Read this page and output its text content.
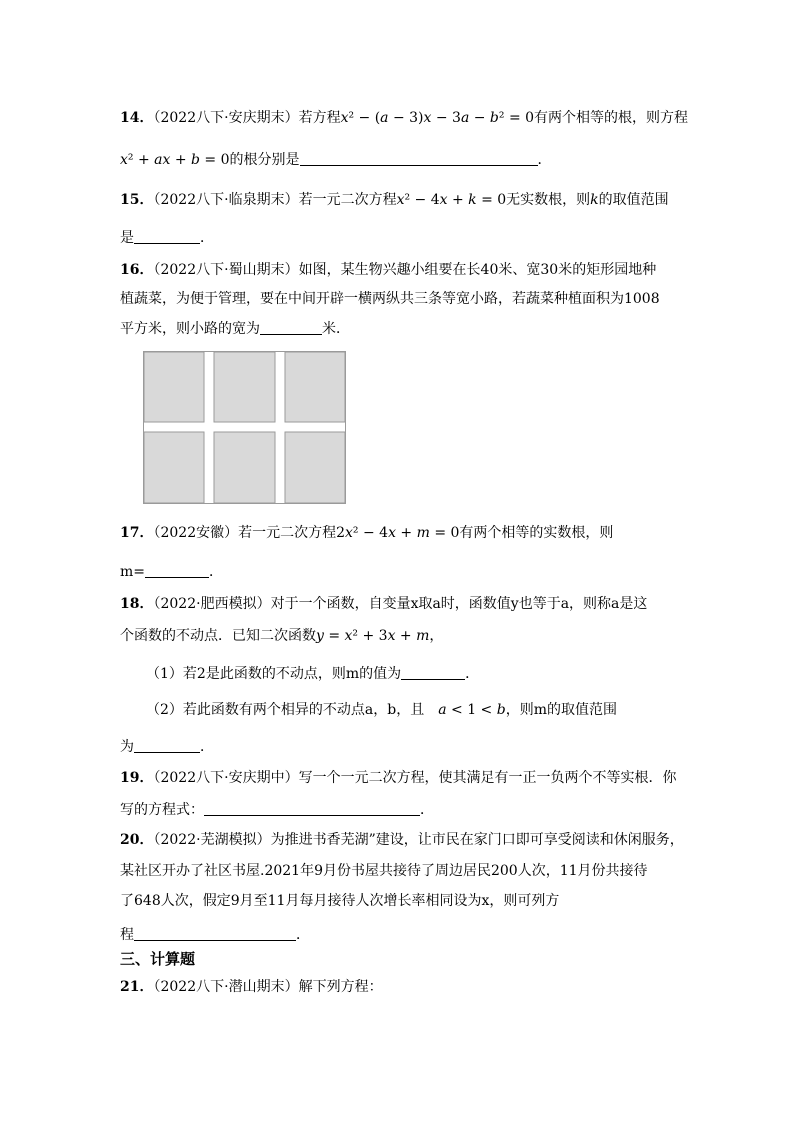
14．（2022八下·安庆期末）若方程𝑥² − (𝑎 − 3)𝑥 − 3𝑎 − 𝑏² = 0有两个相等的根，则方程
𝑥² + 𝑎𝑥 + 𝑏 = 0的根分别是	．
15．（2022八下·临泉期末）若一元二次方程𝑥² − 4𝑥 + 𝑘 = 0无实数根，则𝑘的取值范围
是	．
16．（2022八下·蜀山期末）如图，某生物兴趣小组要在长40米、宽30米的矩形园地种
植蔬菜，为便于管理，要在中间开辟一横两纵共三条等宽小路，若蔬菜种植面积为1008
平方米，则小路的宽为	米．
17．（2022安徽）若一元二次方程2𝑥² − 4𝑥 + 𝑚 = 0有两个相等的实数根，则
m=	．
18．（2022·肥西模拟）对于一个函数，自变量x取a时，函数值y也等于a，则称a是这
个函数的不动点．已知二次函数𝑦 = 𝑥² + 3𝑥 + 𝑚，
（1）若2是此函数的不动点，则m的值为	．
（2）若此函数有两个相异的不动点a，b，且　𝑎 < 1 < 𝑏，则m的取值范围
为	．
19．（2022八下·安庆期中）写一个一元二次方程，使其满足有一正一负两个不等实根．你
写的方程式：	．
20．（2022·芜湖模拟）为推进书香芜湖”建设，让市民在家门口即可享受阅读和休闲服务，
某社区开办了社区书屋.2021年9月份书屋共接待了周边居民200人次，11月份共接待
了648人次，假定9月至11月每月接待人次增长率相同设为x，则可列方
程	．
三、计算题
21．（2022八下·潜山期末）解下列方程：
